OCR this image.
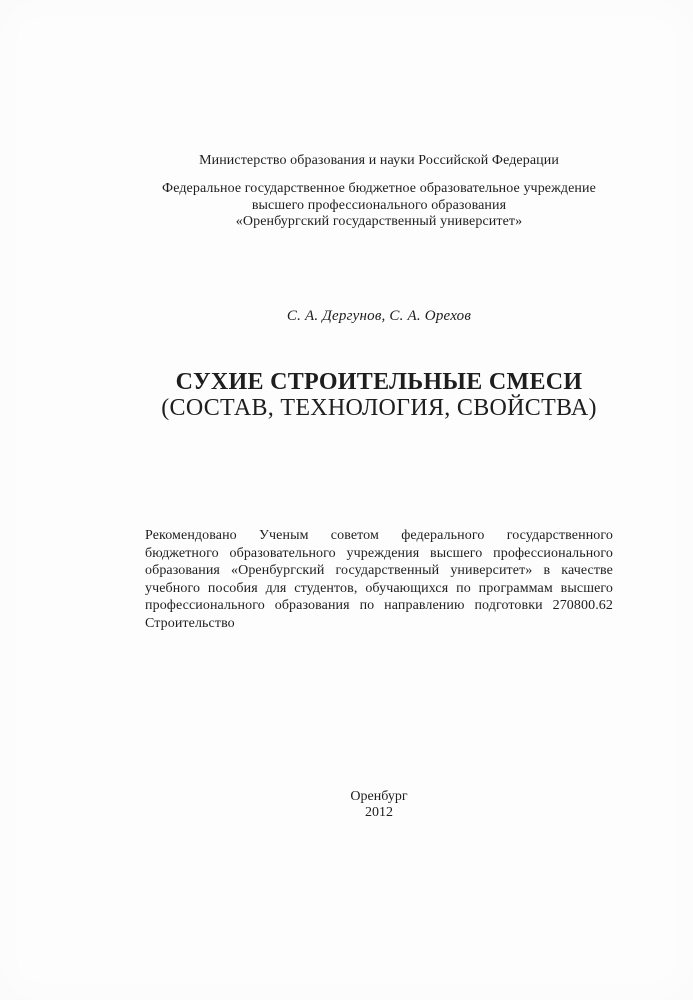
Министерство образования и науки Российской Федерации
Федеральное государственное бюджетное образовательное учреждение
высшего профессионального образования
«Оренбургский государственный университет»
С. А. Дергунов, С. А. Орехов
СУХИЕ СТРОИТЕЛЬНЫЕ СМЕСИ
(СОСТАВ, ТЕХНОЛОГИЯ, СВОЙСТВА)
Рекомендовано Ученым советом федерального государственного бюджетного образовательного учреждения высшего профессионального образования «Оренбургский государственный университет» в качестве учебного пособия для студентов, обучающихся по программам высшего профессионального образования по направлению подготовки 270800.62 Строительство
Оренбург
2012
